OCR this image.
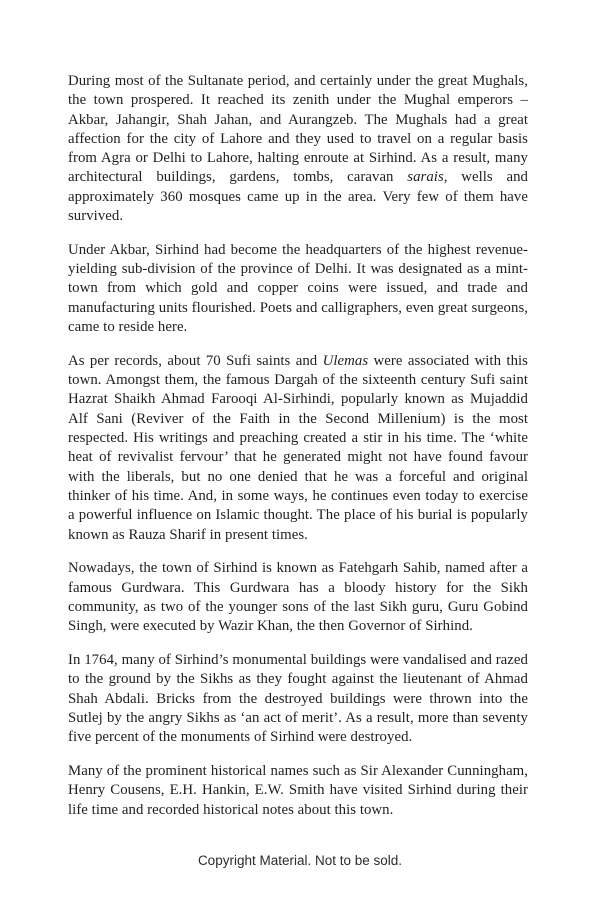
During most of the Sultanate period, and certainly under the great Mughals, the town prospered. It reached its zenith under the Mughal emperors – Akbar, Jahangir, Shah Jahan, and Aurangzeb. The Mughals had a great affection for the city of Lahore and they used to travel on a regular basis from Agra or Delhi to Lahore, halting enroute at Sirhind. As a result, many architectural buildings, gardens, tombs, caravan sarais, wells and approximately 360 mosques came up in the area. Very few of them have survived.

Under Akbar, Sirhind had become the headquarters of the highest revenue-yielding sub-division of the province of Delhi. It was designated as a mint-town from which gold and copper coins were issued, and trade and manufacturing units flourished. Poets and calligraphers, even great surgeons, came to reside here.

As per records, about 70 Sufi saints and Ulemas were associated with this town. Amongst them, the famous Dargah of the sixteenth century Sufi saint Hazrat Shaikh Ahmad Farooqi Al-Sirhindi, popularly known as Mujaddid Alf Sani (Reviver of the Faith in the Second Millenium) is the most respected. His writings and preaching created a stir in his time. The ‘white heat of revivalist fervour’ that he generated might not have found favour with the liberals, but no one denied that he was a forceful and original thinker of his time. And, in some ways, he continues even today to exercise a powerful influence on Islamic thought. The place of his burial is popularly known as Rauza Sharif in present times.

Nowadays, the town of Sirhind is known as Fatehgarh Sahib, named after a famous Gurdwara. This Gurdwara has a bloody history for the Sikh community, as two of the younger sons of the last Sikh guru, Guru Gobind Singh, were executed by Wazir Khan, the then Governor of Sirhind.

In 1764, many of Sirhind’s monumental buildings were vandalised and razed to the ground by the Sikhs as they fought against the lieutenant of Ahmad Shah Abdali. Bricks from the destroyed buildings were thrown into the Sutlej by the angry Sikhs as ‘an act of merit’. As a result, more than seventy five percent of the monuments of Sirhind were destroyed.

Many of the prominent historical names such as Sir Alexander Cunningham, Henry Cousens, E.H. Hankin, E.W. Smith have visited Sirhind during their life time and recorded historical notes about this town.

Copyright Material. Not to be sold.
